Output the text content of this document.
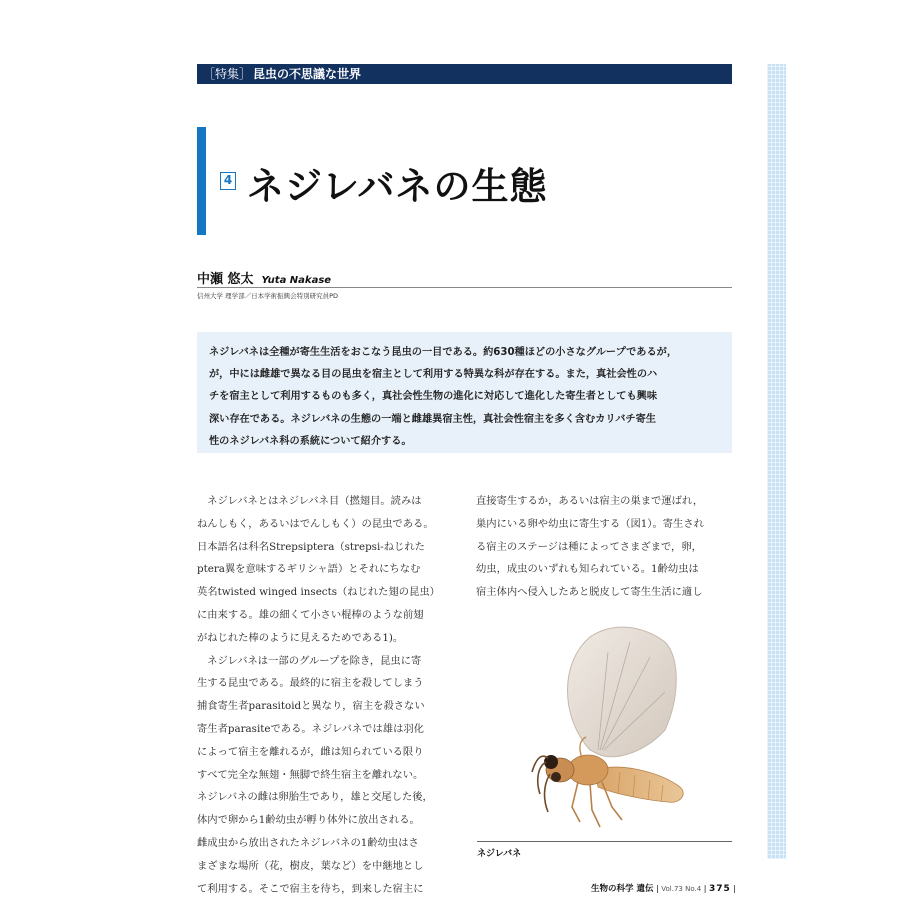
［特集］ 昆虫の不思議な世界
4 ネジレバネの生態
中瀬 悠太 Yuta Nakase
信州大学 理学部／日本学術振興会特別研究員PD
ネジレバネは全種が寄生生活をおこなう昆虫の一目である。約630種ほどの小さなグループであるが，
が，中には雌雄で異なる目の昆虫を宿主として利用する特異な科が存在する。また，真社会性のハ
チを宿主として利用するものも多く，真社会性生物の進化に対応して進化した寄生者としても興味
深い存在である。ネジレバネの生態の一端と雌雄異宿主性，真社会性宿主を多く含むカリバチ寄生
性のネジレバネ科の系統について紹介する。
　ネジレバネとはネジレバネ目（撚翅目。読みは
ねんしもく，あるいはでんしもく）の昆虫である。
日本語名は科名Strepsiptera（strepsi-ねじれた
ptera翼を意味するギリシャ語）とそれにちなむ
英名twisted winged insects（ねじれた翅の昆虫）
に由来する。雄の細くて小さい棍棒のような前翅
がねじれた棒のように見えるためである1)。
　ネジレバネは一部のグループを除き，昆虫に寄
生する昆虫である。最終的に宿主を殺してしまう
捕食寄生者parasitoidと異なり，宿主を殺さない
寄生者parasiteである。ネジレバネでは雄は羽化
によって宿主を離れるが，雌は知られている限り
すべて完全な無翅・無脚で終生宿主を離れない。
ネジレバネの雌は卵胎生であり，雄と交尾した後，
体内で卵から1齢幼虫が孵り体外に放出される。
雌成虫から放出されたネジレバネの1齢幼虫はさ
まざまな場所（花，樹皮，葉など）を中継地とし
て利用する。そこで宿主を待ち，到来した宿主に
直接寄生するか，あるいは宿主の巣まで運ばれ，
巣内にいる卵や幼虫に寄生する（図1）。寄生され
る宿主のステージは種によってさまざまで，卵，
幼虫，成虫のいずれも知られている。1齢幼虫は
宿主体内へ侵入したあと脱皮して寄生生活に適し
ネジレバネ
生物の科学 遺伝 | Vol.73 No.4 | 375 |
